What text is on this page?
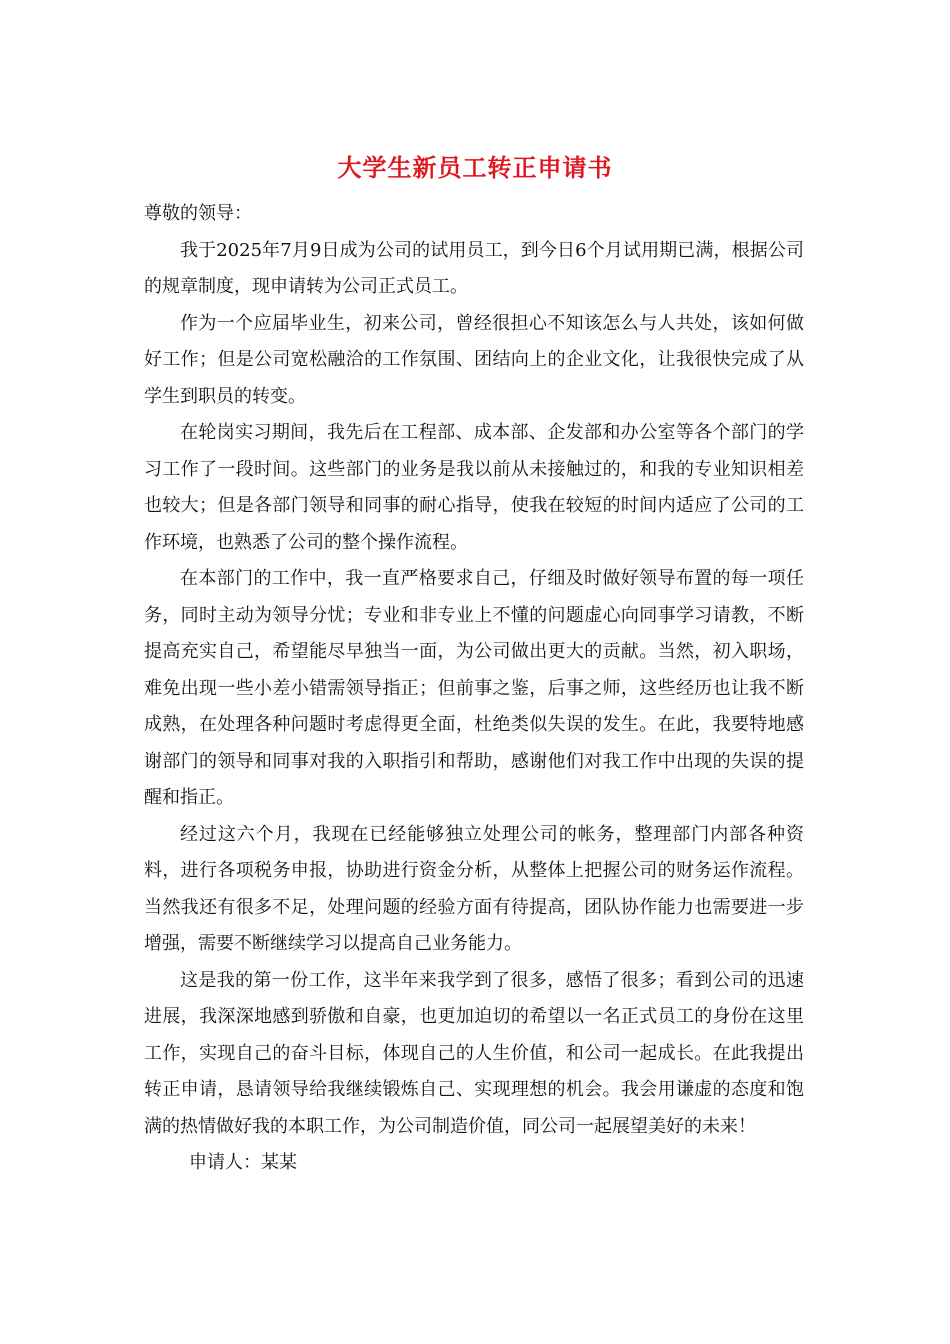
大学生新员工转正申请书

尊敬的领导：

我于2025年7月9日成为公司的试用员工，到今日6个月试用期已满，根据公司的规章制度，现申请转为公司正式员工。

作为一个应届毕业生，初来公司，曾经很担心不知该怎么与人共处，该如何做好工作；但是公司宽松融洽的工作氛围、团结向上的企业文化，让我很快完成了从学生到职员的转变。

在轮岗实习期间，我先后在工程部、成本部、企发部和办公室等各个部门的学习工作了一段时间。这些部门的业务是我以前从未接触过的，和我的专业知识相差也较大；但是各部门领导和同事的耐心指导，使我在较短的时间内适应了公司的工作环境，也熟悉了公司的整个操作流程。

在本部门的工作中，我一直严格要求自己，仔细及时做好领导布置的每一项任务，同时主动为领导分忧；专业和非专业上不懂的问题虚心向同事学习请教，不断提高充实自己，希望能尽早独当一面，为公司做出更大的贡献。当然，初入职场，难免出现一些小差小错需领导指正；但前事之鉴，后事之师，这些经历也让我不断成熟，在处理各种问题时考虑得更全面，杜绝类似失误的发生。在此，我要特地感谢部门的领导和同事对我的入职指引和帮助，感谢他们对我工作中出现的失误的提醒和指正。

经过这六个月，我现在已经能够独立处理公司的帐务，整理部门内部各种资料，进行各项税务申报，协助进行资金分析，从整体上把握公司的财务运作流程。当然我还有很多不足，处理问题的经验方面有待提高，团队协作能力也需要进一步增强，需要不断继续学习以提高自己业务能力。

这是我的第一份工作，这半年来我学到了很多，感悟了很多；看到公司的迅速进展，我深深地感到骄傲和自豪，也更加迫切的希望以一名正式员工的身份在这里工作，实现自己的奋斗目标，体现自己的人生价值，和公司一起成长。在此我提出转正申请，恳请领导给我继续锻炼自己、实现理想的机会。我会用谦虚的态度和饱满的热情做好我的本职工作，为公司制造价值，同公司一起展望美好的未来！

申请人：某某
